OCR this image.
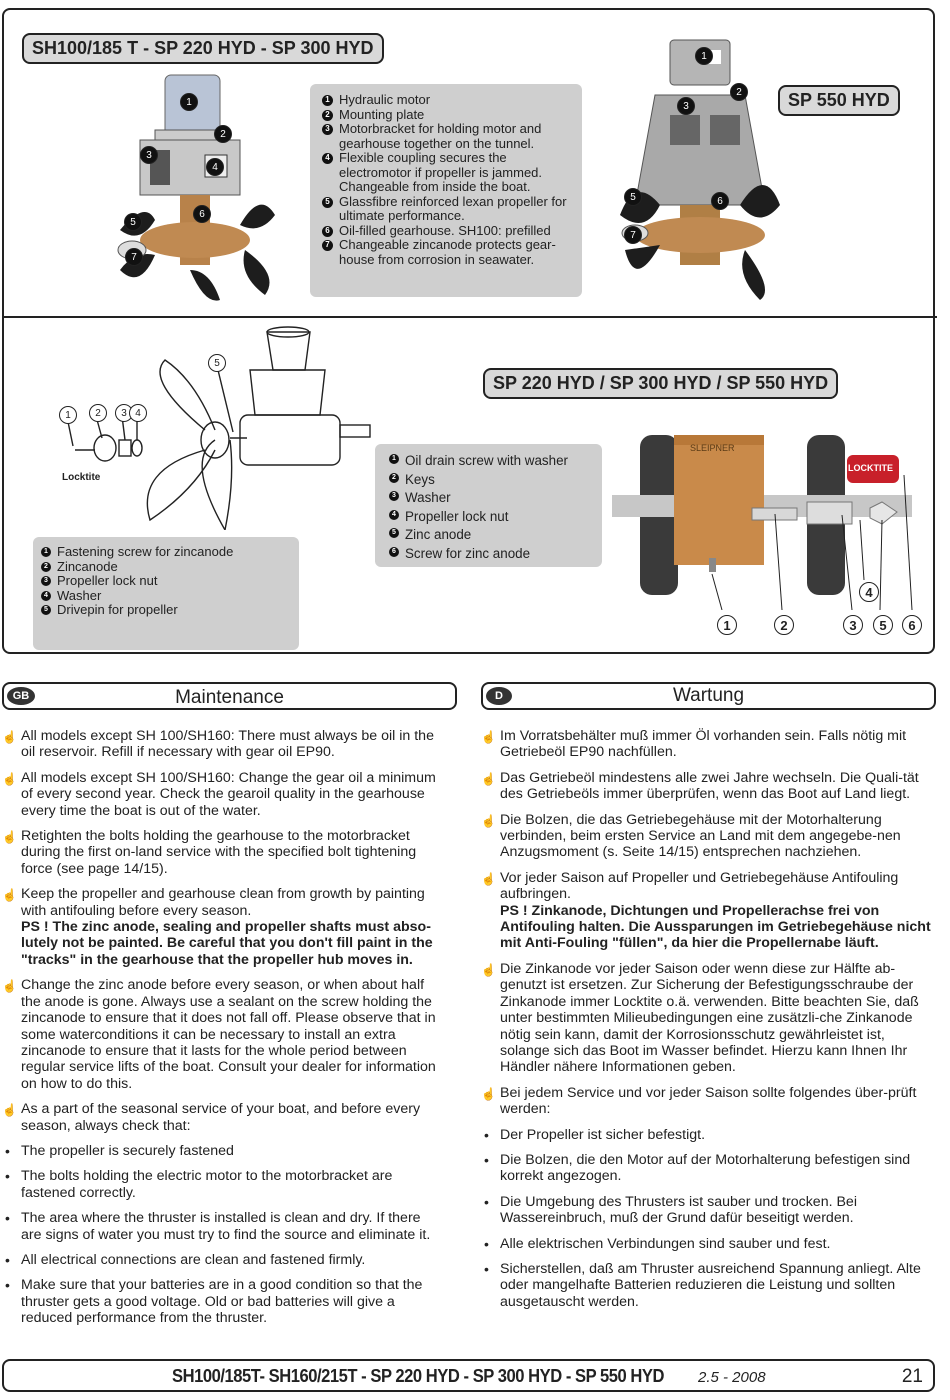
SH100/185 T - SP 220 HYD - SP 300 HYD
SP 550 HYD
1
2
3
4
5
6
7
1 Hydraulic motor
2 Mounting plate
3 Motorbracket for holding motor and gearhouse together on the tunnel.
4 Flexible coupling secures the electromotor if propeller is jammed. Changeable from inside the boat.
5 Glassfibre reinforced lexan propeller for ultimate performance.
6 Oil-filled gearhouse. SH100: prefilled
7 Changeable zincanode protects gear-house from corrosion in seawater.
1
2
3
5	6
7
SP 220 HYD / SP 300 HYD / SP 550 HYD
1	2	3 4
5
Locktite
1 Fastening screw for zincanode
2 Zincanode
3 Propeller lock nut
4 Washer
5 Drivepin for propeller
1 Oil drain screw with washer
2 Keys
3 Washer
4 Propeller lock nut
5 Zinc anode
6 Screw for zinc anode
SLEIPNER
LOCKTITE
1	2	3	5	6
4
GB	Maintenance	D	Wartung
☝ All models except SH 100/SH160: There must always be oil in the oil reservoir. Refill if necessary with gear oil EP90.
☝ All models except SH 100/SH160: Change the gear oil a minimum of every second year. Check the gearoil quality in the gearhouse every time the boat is out of the water.
☝ Retighten the bolts holding the gearhouse to the motorbracket during the first on-land service with the specified bolt tightening force (see page 14/15).
☝ Keep the propeller and gearhouse clean from growth by painting with antifouling before every season.
PS ! The zinc anode, sealing and propeller shafts must abso-lutely not be painted. Be careful that you don't fill paint in the "tracks" in the gearhouse that the propeller hub moves in.
☝ Change the zinc anode before every season, or when about half the anode is gone. Always use a sealant on the screw holding the zincanode to ensure that it does not fall off. Please observe that in some waterconditions it can be necessary to install an extra zincanode to ensure that it lasts for the whole period between regular service lifts of the boat. Consult your dealer for information on how to do this.
☝ As a part of the seasonal service of your boat, and before every season, always check that:
• The propeller is securely fastened
• The bolts holding the electric motor to the motorbracket are fastened correctly.
• The area where the thruster is installed is clean and dry. If there are signs of water you must try to find the source and eliminate it.
• All electrical connections are clean and fastened firmly.
• Make sure that your batteries are in a good condition so that the thruster gets a good voltage. Old or bad batteries will give a reduced performance from the thruster.
☝ Im Vorratsbehälter muß immer Öl vorhanden sein. Falls nötig mit Getriebeöl EP90 nachfüllen.
☝ Das Getriebeöl mindestens alle zwei Jahre wechseln. Die Quali-tät des Getriebeöls immer überprüfen, wenn das Boot auf Land liegt.
☝ Die Bolzen, die das Getriebegehäuse mit der Motorhalterung verbinden, beim ersten Service an Land mit dem angegebe-nen Anzugsmoment (s. Seite 14/15) entsprechen nachziehen.
☝ Vor jeder Saison auf Propeller und Getriebegehäuse Antifouling aufbringen.
PS ! Zinkanode, Dichtungen und Propellerachse frei von Antifouling halten. Die Aussparungen im Getriebegehäuse nicht mit Anti-Fouling "füllen", da hier die Propellernabe läuft.
☝ Die Zinkanode vor jeder Saison oder wenn diese zur Hälfte ab-genutzt ist ersetzen. Zur Sicherung der Befestigungsschraube der Zinkanode immer Locktite o.ä. verwenden. Bitte beachten Sie, daß unter bestimmten Milieubedingungen eine zusätzli-che Zinkanode nötig sein kann, damit der Korrosionsschutz gewährleistet ist, solange sich das Boot im Wasser befindet. Hierzu kann Ihnen Ihr Händler nähere Informationen geben.
☝ Bei jedem Service und vor jeder Saison sollte folgendes über-prüft werden:
• Der Propeller ist sicher befestigt.
• Die Bolzen, die den Motor auf der Motorhalterung befestigen sind korrekt angezogen.
• Die Umgebung des Thrusters ist sauber und trocken. Bei Wassereinbruch, muß der Grund dafür beseitigt werden.
• Alle elektrischen Verbindungen sind sauber und fest.
• Sicherstellen, daß am Thruster ausreichend Spannung anliegt. Alte oder mangelhafte Batterien reduzieren die Leistung und sollten ausgetauscht werden.
SH100/185T- SH160/215T - SP 220 HYD - SP 300 HYD - SP 550 HYD 2.5 - 2008	21
